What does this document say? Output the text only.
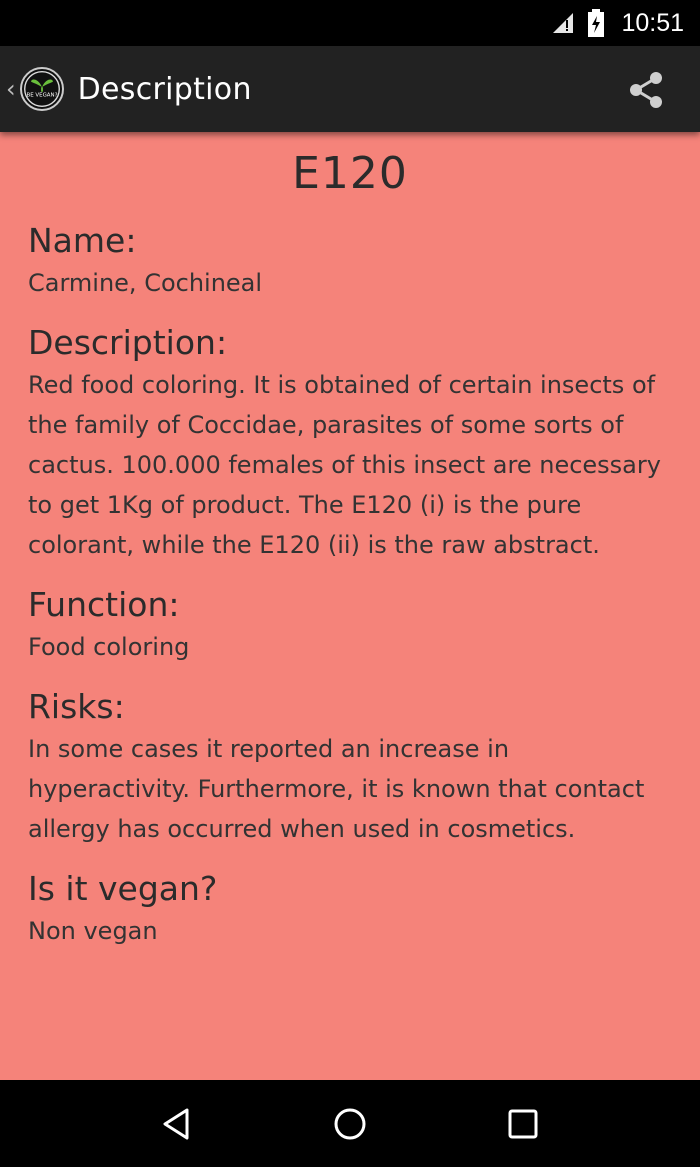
10:51
‹ BE VEGAN? Description
E120
Name:
Carmine, Cochineal
Description:
Red food coloring. It is obtained of certain insects of the family of Coccidae, parasites of some sorts of cactus. 100.000 females of this insect are necessary to get 1Kg of product. The E120 (i) is the pure colorant, while the E120 (ii) is the raw abstract.
Function:
Food coloring
Risks:
In some cases it reported an increase in hyperactivity. Furthermore, it is known that contact allergy has occurred when used in cosmetics.
Is it vegan?
Non vegan
